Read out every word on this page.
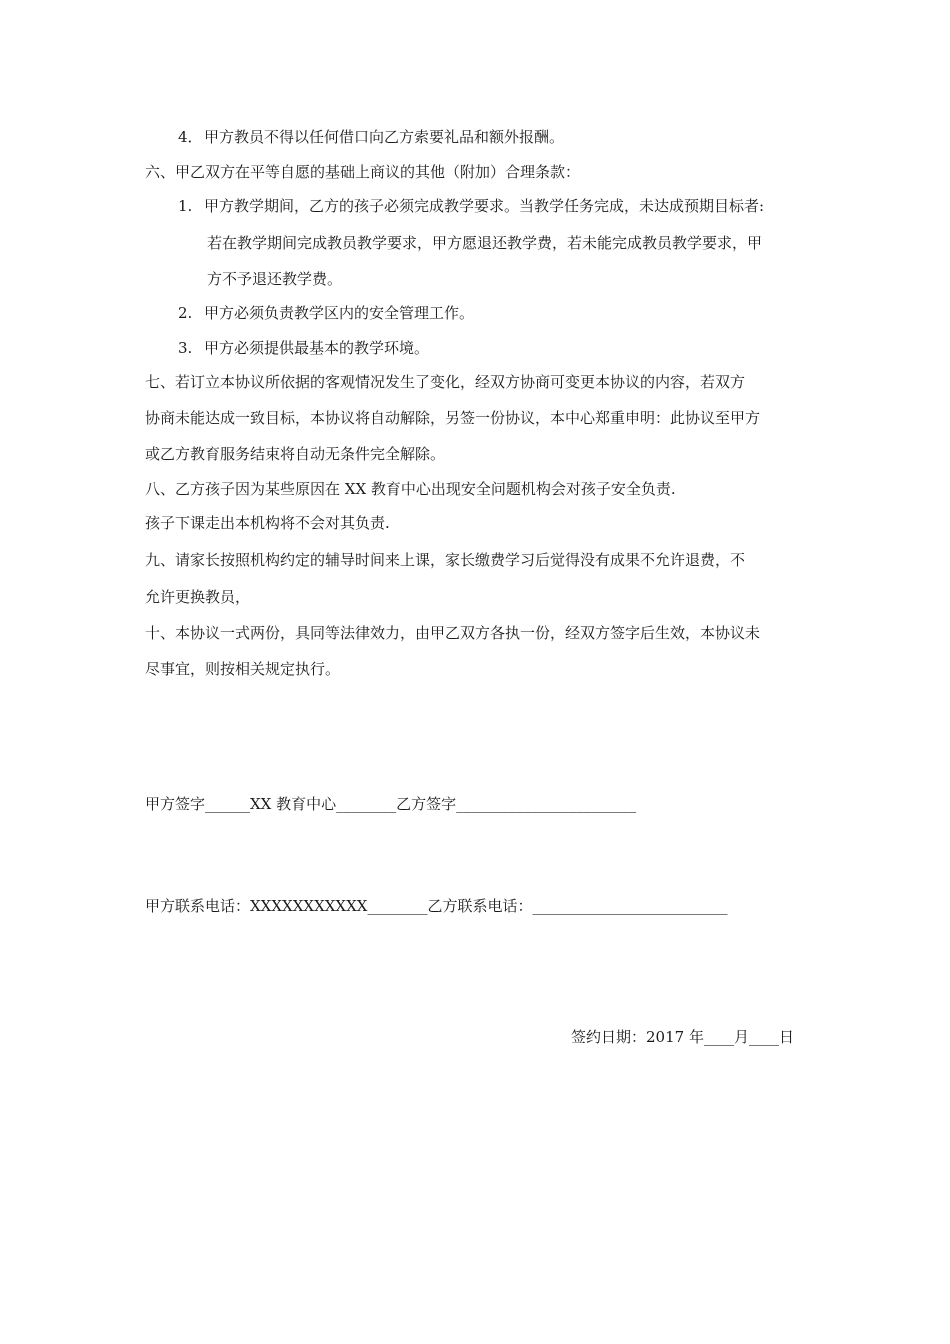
4．甲方教员不得以任何借口向乙方索要礼品和额外报酬。
六、甲乙双方在平等自愿的基础上商议的其他（附加）合理条款：
1. 甲方教学期间，乙方的孩子必须完成教学要求。当教学任务完成，未达成预期目标者:
若在教学期间完成教员教学要求，甲方愿退还教学费，若未能完成教员教学要求，甲
方不予退还教学费。
2. 甲方必须负责教学区内的安全管理工作。
3. 甲方必须提供最基本的教学环境。
七、若订立本协议所依据的客观情况发生了变化，经双方协商可变更本协议的内容，若双方
协商未能达成一致目标，本协议将自动解除，另签一份协议，本中心郑重申明：此协议至甲方
或乙方教育服务结束将自动无条件完全解除。
八、乙方孩子因为某些原因在 XX 教育中心出现安全问题机构会对孩子安全负责.
孩子下课走出本机构将不会对其负责.
九、请家长按照机构约定的辅导时间来上课，家长缴费学习后觉得没有成果不允许退费，不
允许更换教员，
十、本协议一式两份，具同等法律效力，由甲乙双方各执一份，经双方签字后生效，本协议未
尽事宜，则按相关规定执行。
甲方签字______XX 教育中心________乙方签字________________________
甲方联系电话：XXXXXXXXXXX________乙方联系电话：__________________________
签约日期：2017 年____月____日
